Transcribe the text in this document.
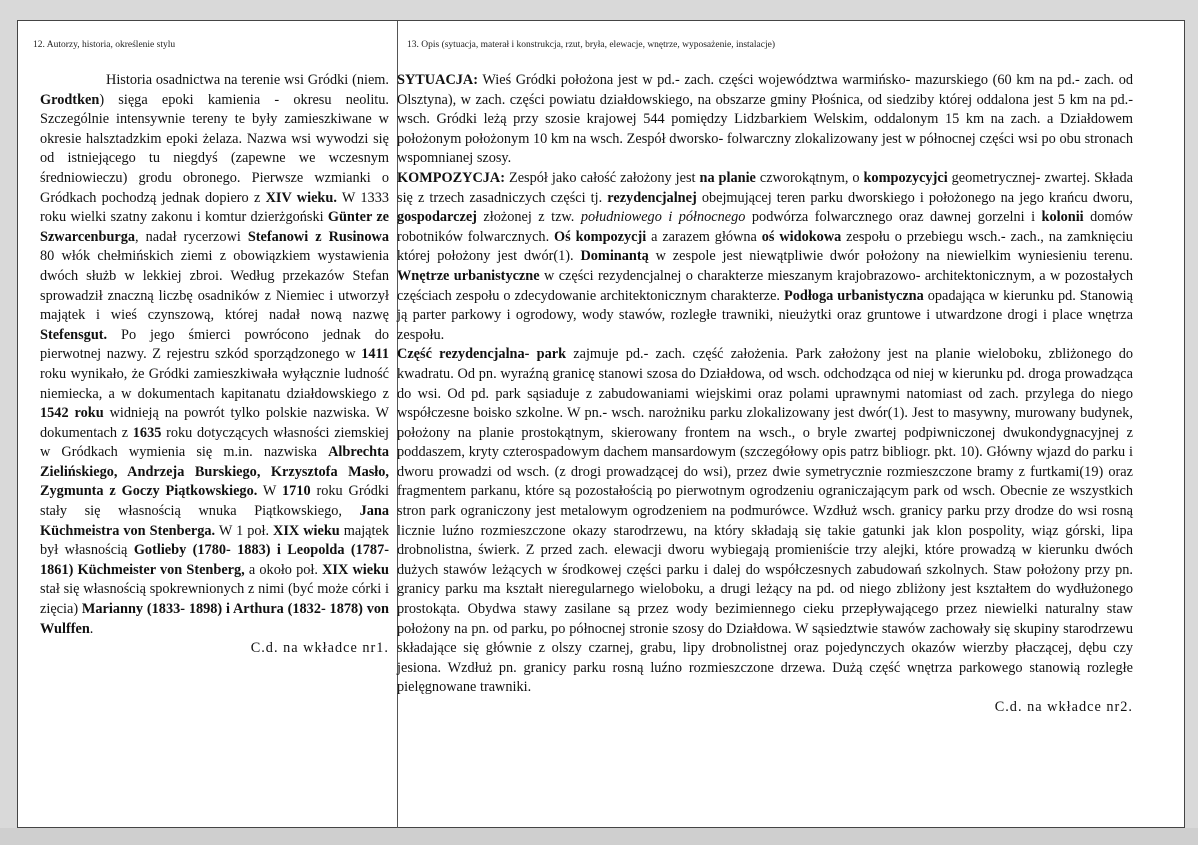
12. Autorzy, historia, określenie stylu	13. Opis (sytuacja, materał i konstrukcja, rzut, bryła, elewacje, wnętrze, wyposażenie, instalacje)

Historia osadnictwa na terenie wsi Gródki (niem. Grodtken) sięga epoki kamienia - okresu neolitu. Szczególnie intensywnie tereny te były zamieszkiwane w okresie halsztadzkim epoki żelaza. Nazwa wsi wywodzi się od istniejącego tu niegdyś (zapewne we wczesnym średniowieczu) grodu obronego. Pierwsze wzmianki o Gródkach pochodzą jednak dopiero z XIV wieku. W 1333 roku wielki szatny zakonu i komtur dzierżgoński Günter ze Szwarcenburga, nadał rycerzowi Stefanowi z Rusinowa 80 włók chełmińskich ziemi z obowiązkiem wystawienia dwóch służb w lekkiej zbroi. Według przekazów Stefan sprowadził znaczną liczbę osadników z Niemiec i utworzył majątek i wieś czynszową, której nadał nową nazwę Stefensgut. Po jego śmierci powrócono jednak do pierwotnej nazwy. Z rejestru szkód sporządzonego w 1411 roku wynikało, że Gródki zamieszkiwała wyłącznie ludność niemiecka, a w dokumentach kapitanatu działdowskiego z 1542 roku widnieją na powrót tylko polskie nazwiska. W dokumentach z 1635 roku dotyczących własności ziemskiej w Gródkach wymienia się m.in. nazwiska Albrechta Zielińskiego, Andrzeja Burskiego, Krzysztofa Masło, Zygmunta z Goczy Piątkowskiego. W 1710 roku Gródki stały się własnością wnuka Piątkowskiego, Jana Küchmeistra von Stenberga. W 1 poł. XIX wieku majątek był własnością Gotlieby (1780- 1883) i Leopolda (1787-1861) Küchmeister von Stenberg, a około poł. XIX wieku stał się własnością spokrewnionych z nimi (być może córki i zięcia) Marianny (1833- 1898) i Arthura (1832- 1878) von Wulffen.

C.d. na wkładce nr1.

SYTUACJA: Wieś Gródki położona jest w pd.- zach. części województwa warmińsko- mazurskiego (60 km na pd.- zach. od Olsztyna), w zach. części powiatu działdowskiego, na obszarze gminy Płośnica, od siedziby której oddalona jest 5 km na pd.- wsch. Gródki leżą przy szosie krajowej 544 pomiędzy Lidzbarkiem Welskim, oddalonym 15 km na zach. a Działdowem położonym położonym 10 km na wsch. Zespół dworsko- folwarczny zlokalizowany jest w północnej części wsi po obu stronach wspomnianej szosy.

KOMPOZYCJA: Zespół jako całość założony jest na planie czworokątnym, o kompozycyjci geometrycznej- zwartej. Składa się z trzech zasadniczych części tj. rezydencjalnej obejmującej teren parku dworskiego i położonego na jego krańcu dworu, gospodarczej złożonej z tzw. południowego i północnego podwórza folwarcznego oraz dawnej gorzelni i kolonii domów robotników folwarcznych. Oś kompozycji a zarazem główna oś widokowa zespołu o przebiegu wsch.- zach., na zamknięciu której położony jest dwór(1). Dominantą w zespole jest niewątpliwie dwór położony na niewielkim wyniesieniu terenu. Wnętrze urbanistyczne w części rezydencjalnej o charakterze mieszanym krajobrazowo- architektonicznym, a w pozostałych częściach zespołu o zdecydowanie architektonicznym charakterze. Podłoga urbanistyczna opadająca w kierunku pd. Stanowią ją parter parkowy i ogrodowy, wody stawów, rozległe trawniki, nieużytki oraz gruntowe i utwardzone drogi i place wnętrza zespołu.

Część rezydencjalna- park zajmuje pd.- zach. część założenia. Park założony jest na planie wieloboku, zbliżonego do kwadratu. Od pn. wyraźną granicę stanowi szosa do Działdowa, od wsch. odchodząca od niej w kierunku pd. droga prowadząca do wsi. Od pd. park sąsiaduje z zabudowaniami wiejskimi oraz polami uprawnymi natomiast od zach. przylega do niego współczesne boisko szkolne. W pn.- wsch. narożniku parku zlokalizowany jest dwór(1). Jest to masywny, murowany budynek, położony na planie prostokątnym, skierowany frontem na wsch., o bryle zwartej podpiwniczonej dwukondygnacyjnej z poddaszem, kryty czterospadowym dachem mansardowym (szczegółowy opis patrz bibliogr. pkt. 10). Główny wjazd do parku i dworu prowadzi od wsch. (z drogi prowadzącej do wsi), przez dwie symetrycznie rozmieszczone bramy z furtkami(19) oraz fragmentem parkanu, które są pozostałością po pierwotnym ogrodzeniu ograniczającym park od wsch. Obecnie ze wszystkich stron park ograniczony jest metalowym ogrodzeniem na podmurówce. Wzdłuż wsch. granicy parku przy drodze do wsi rosną licznie luźno rozmieszczone okazy starodrzewu, na który składają się takie gatunki jak klon pospolity, wiąz górski, lipa drobnolistna, świerk. Z przed zach. elewacji dworu wybiegają promieniście trzy alejki, które prowadzą w kierunku dwóch dużych stawów leżących w środkowej części parku i dalej do współczesnych zabudowań szkolnych. Staw położony przy pn. granicy parku ma kształt nieregularnego wieloboku, a drugi leżący na pd. od niego zbliżony jest kształtem do wydłużonego prostokąta. Obydwa stawy zasilane są przez wody bezimiennego cieku przepływającego przez niewielki naturalny staw położony na pn. od parku, po północnej stronie szosy do Działdowa. W sąsiedztwie stawów zachowały się skupiny starodrzewu składające się głównie z olszy czarnej, grabu, lipy drobnolistnej oraz pojedynczych okazów wierzby płaczącej, dębu czy jesiona. Wzdłuż pn. granicy parku rosną luźno rozmieszczone drzewa. Dużą część wnętrza parkowego stanowią rozległe pielęgnowane trawniki.

C.d. na wkładce nr2.
